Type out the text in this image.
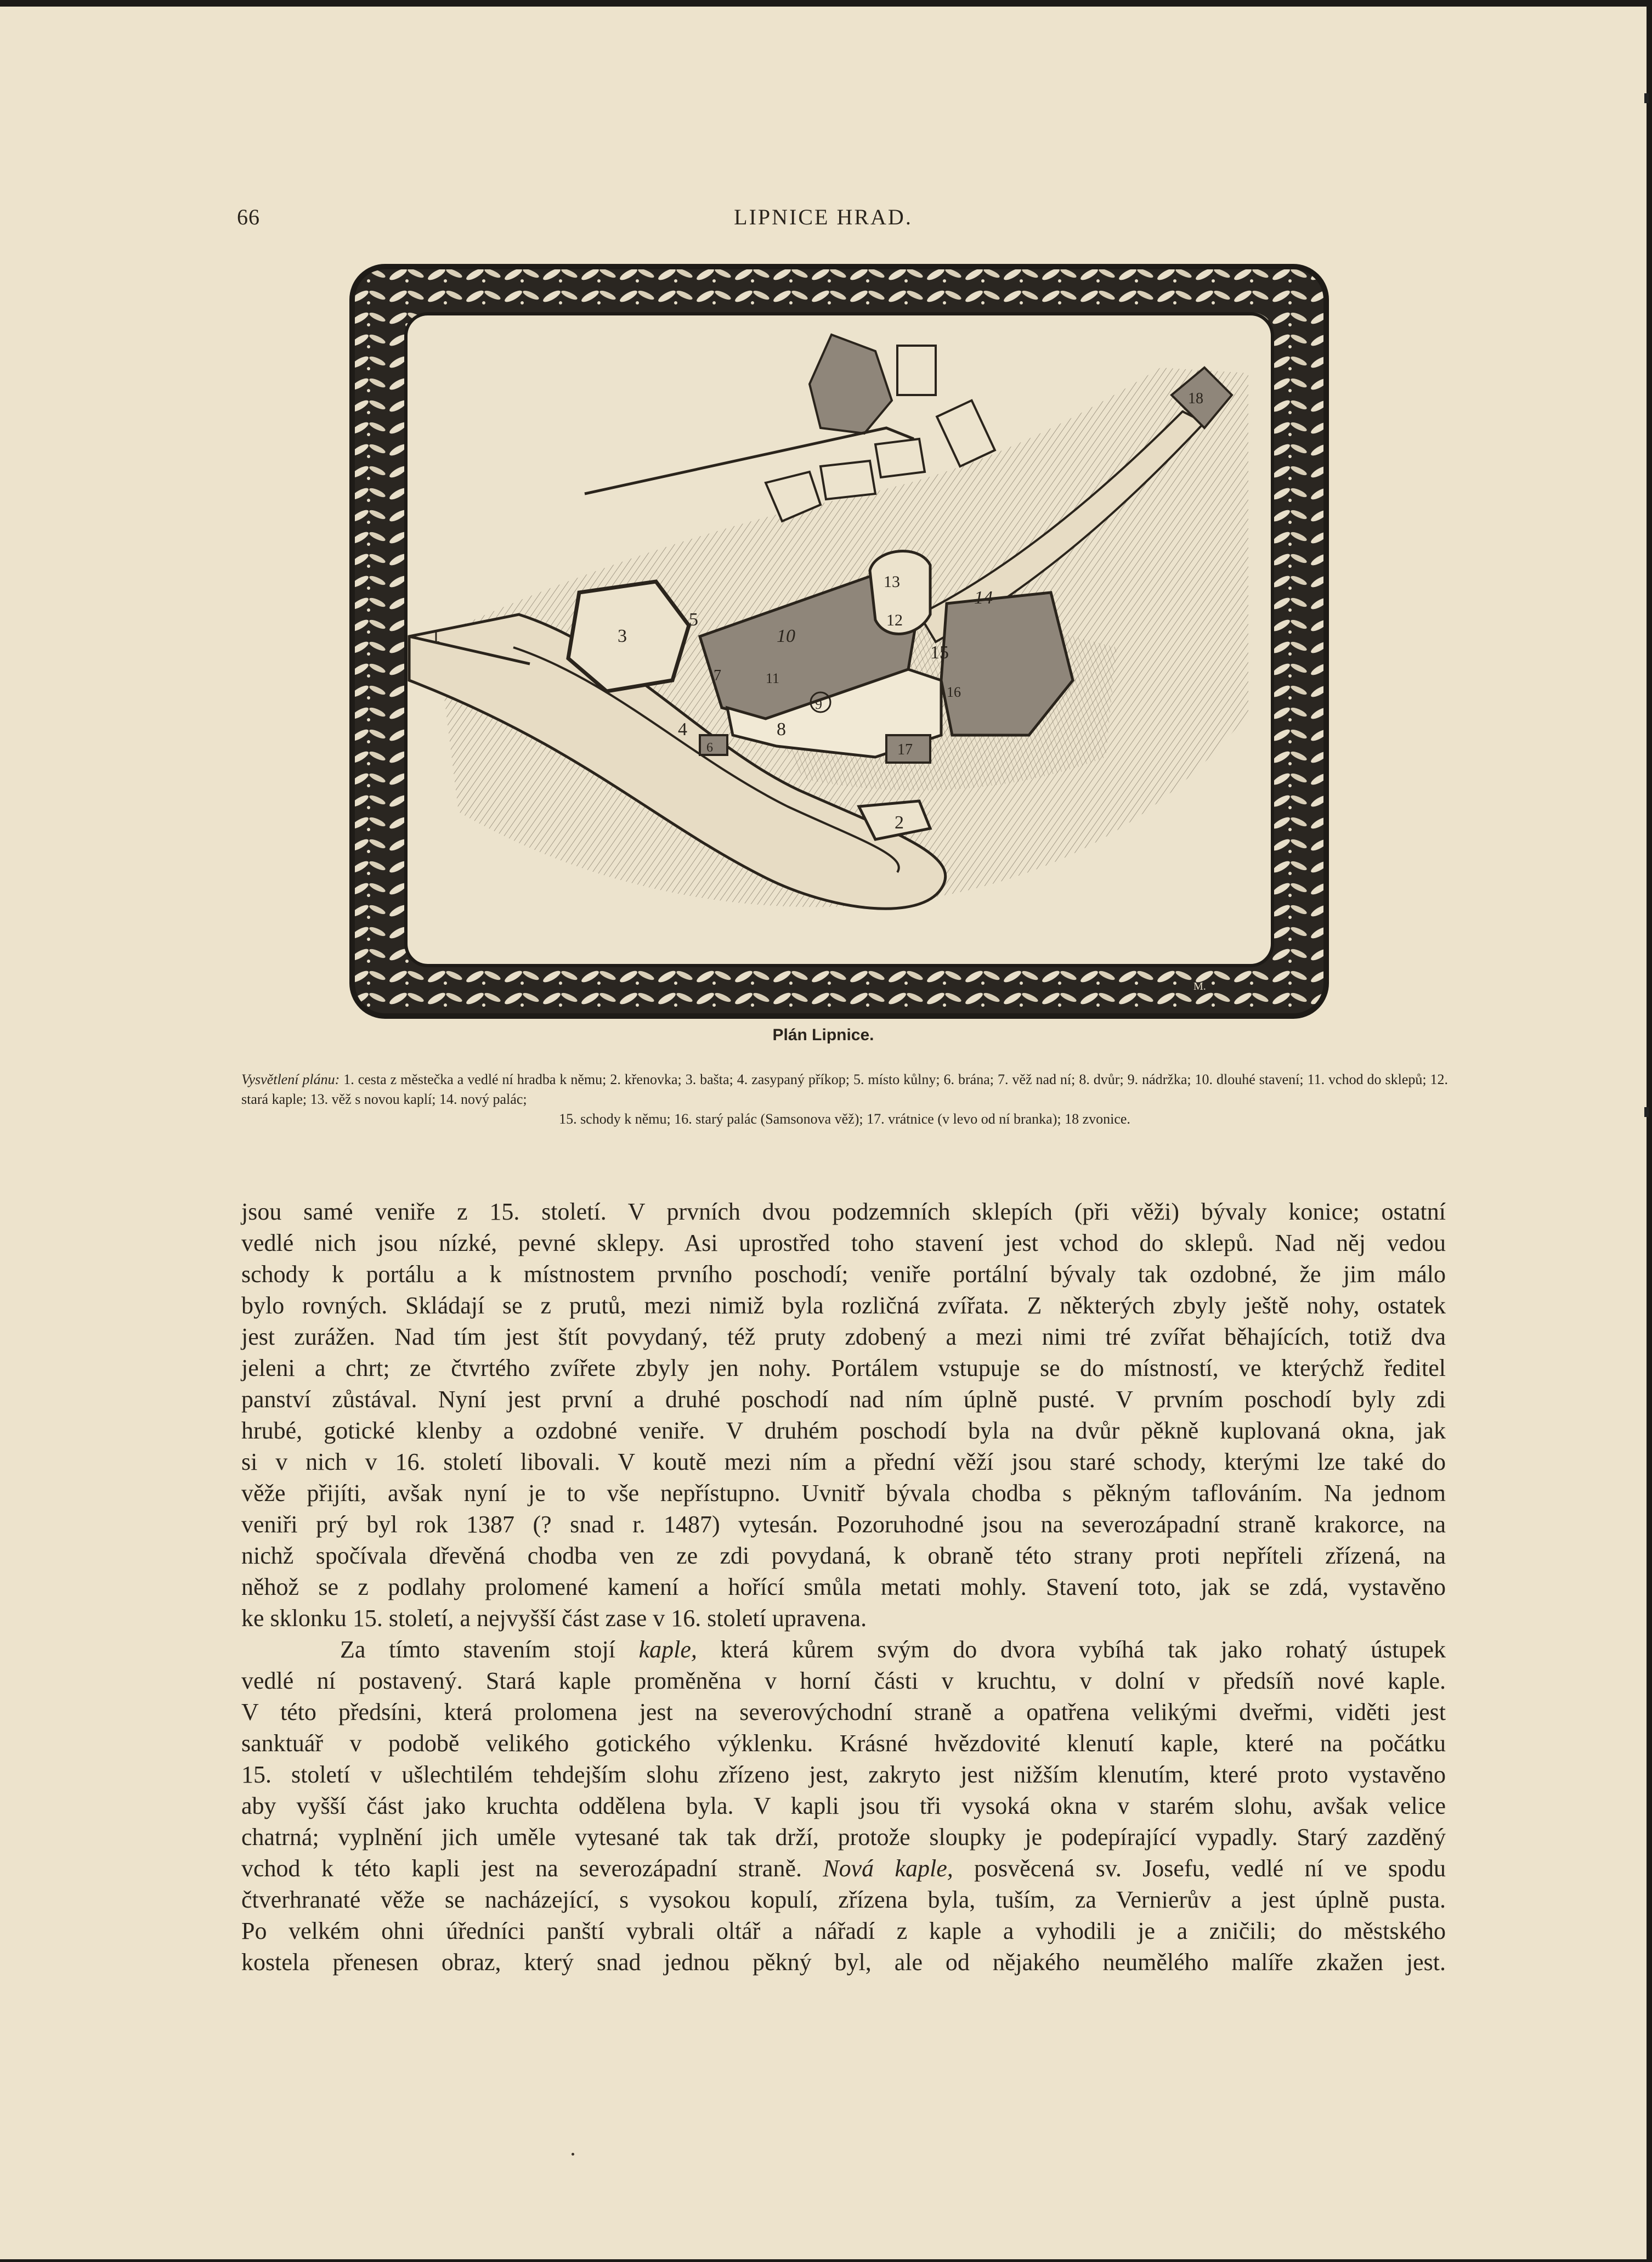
66	LIPNICE HRAD.
1
2
3
4
5
6
7
8
9
10
11
12
13
14
15
16
17
18
M.
Plán Lipnice.
Vysvětlení plánu: 1. cesta z městečka a vedlé ní hradba k němu; 2. křenovka; 3. bašta; 4. zasypaný příkop; 5. místo kůlny; 6. brána; 7. věž nad ní; 8. dvůr; 9. nádržka; 10. dlouhé stavení; 11. vchod do sklepů; 12. stará kaple; 13. věž s novou kaplí; 14. nový palác;
15. schody k němu; 16. starý palác (Samsonova věž); 17. vrátnice (v levo od ní branka); 18 zvonice.

jsou samé veniře z 15. století. V prvních dvou podzemních sklepích (při věži) bývaly konice; ostatní

vedlé nich jsou nízké, pevné sklepy. Asi uprostřed toho stavení jest vchod do sklepů. Nad něj vedou

schody k portálu a k místnostem prvního poschodí; veniře portální bývaly tak ozdobné, že jim málo

bylo rovných. Skládají se z prutů, mezi nimiž byla rozličná zvířata. Z některých zbyly ještě nohy, ostatek

jest zurážen. Nad tím jest štít povydaný, též pruty zdobený a mezi nimi tré zvířat běhajících, totiž dva

jeleni a chrt; ze čtvrtého zvířete zbyly jen nohy. Portálem vstupuje se do místností, ve kterýchž ředitel

panství zůstával. Nyní jest první a druhé poschodí nad ním úplně pusté. V prvním poschodí byly zdi

hrubé, gotické klenby a ozdobné veniře. V druhém poschodí byla na dvůr pěkně kuplovaná okna, jak

si v nich v 16. století libovali. V koutě mezi ním a přední věží jsou staré schody, kterými lze také do

věže přijíti, avšak nyní je to vše nepřístupno. Uvnitř bývala chodba s pěkným taflováním. Na jednom

veniři prý byl rok 1387 (? snad r. 1487) vytesán. Pozoruhodné jsou na severozápadní straně krakorce, na

nichž spočívala dřevěná chodba ven ze zdi povydaná, k obraně této strany proti nepříteli zřízená, na

něhož se z podlahy prolomené kamení a hořící smůla metati mohly. Stavení toto, jak se zdá, vystavěno

ke sklonku 15. století, a nejvyšší část zase v 16. století upravena.

Za tímto stavením stojí kaple, která kůrem svým do dvora vybíhá tak jako rohatý ústupek

vedlé ní postavený. Stará kaple proměněna v horní části v kruchtu, v dolní v předsíň nové kaple.

V této předsíni, která prolomena jest na severovýchodní straně a opatřena velikými dveřmi, viděti jest

sanktuář v podobě velikého gotického výklenku. Krásné hvězdovité klenutí kaple, které na počátku

15. století v ušlechtilém tehdejším slohu zřízeno jest, zakryto jest nižším klenutím, které proto vystavěno

aby vyšší část jako kruchta oddělena byla. V kapli jsou tři vysoká okna v starém slohu, avšak velice

chatrná; vyplnění jich uměle vytesané tak tak drží, protože sloupky je podepírající vypadly. Starý zazděný

vchod k této kapli jest na severozápadní straně. Nová kaple, posvěcená sv. Josefu, vedlé ní ve spodu

čtverhranaté věže se nacházející, s vysokou kopulí, zřízena byla, tuším, za Vernierův a jest úplně pusta.

Po velkém ohni úředníci panští vybrali oltář a nářadí z kaple a vyhodili je a zničili; do městského

kostela přenesen obraz, který snad jednou pěkný byl, ale od nějakého neumělého malíře zkažen jest.
